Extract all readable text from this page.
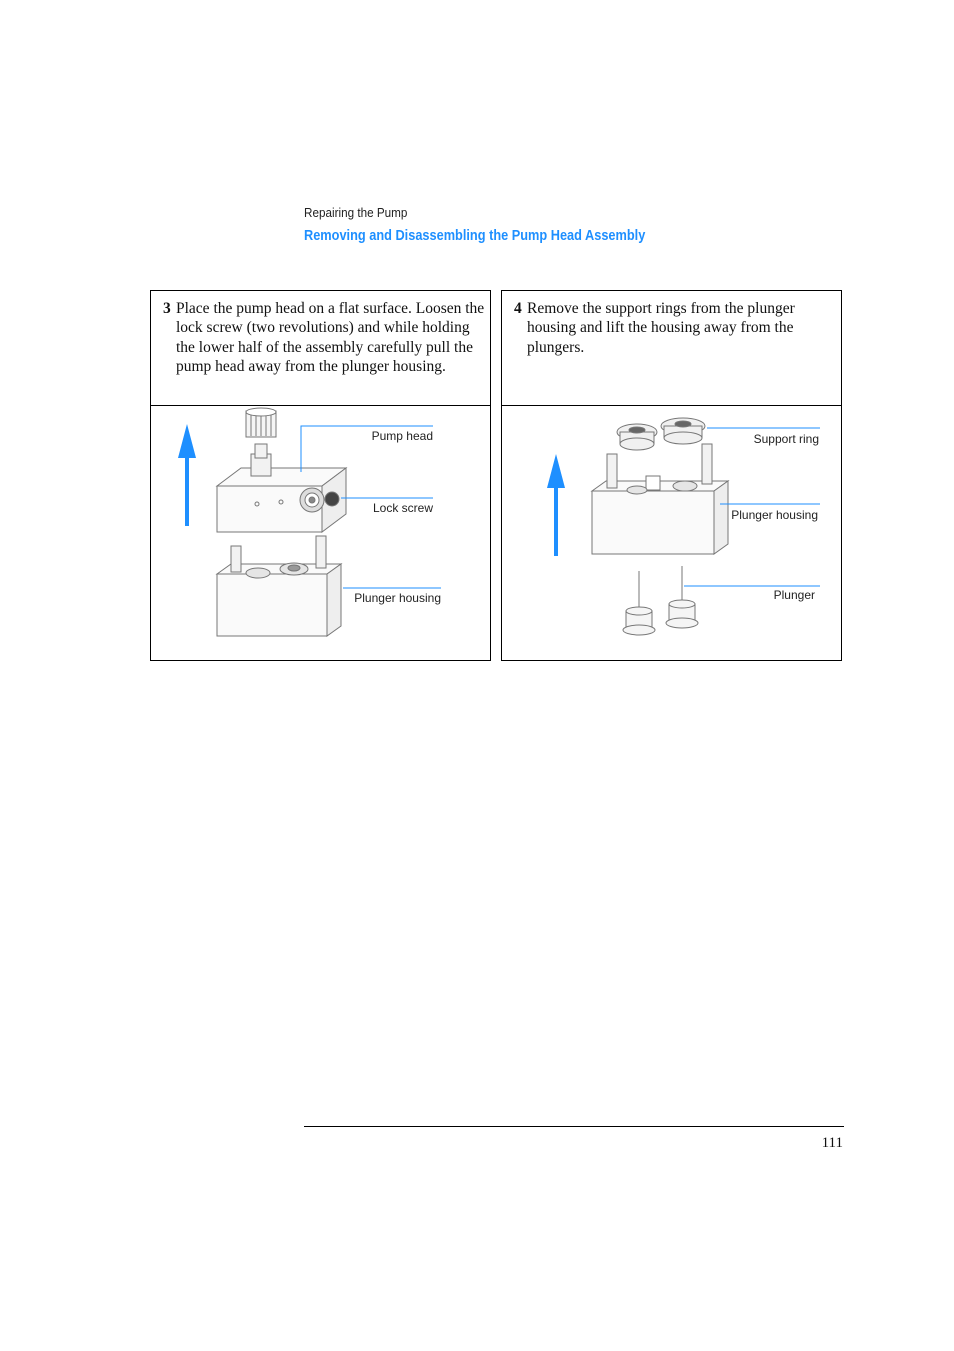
Repairing the Pump
Removing and Disassembling the Pump Head Assembly
3 Place the pump head on a flat surface. Loosen the lock screw (two revolutions) and while holding the lower half of the assembly carefully pull the pump head away from the plunger housing.
Pump head
Lock screw
Plunger housing
4 Remove the support rings from the plunger housing and lift the housing away from the plungers.
Support ring
Plunger housing
Plunger
111
